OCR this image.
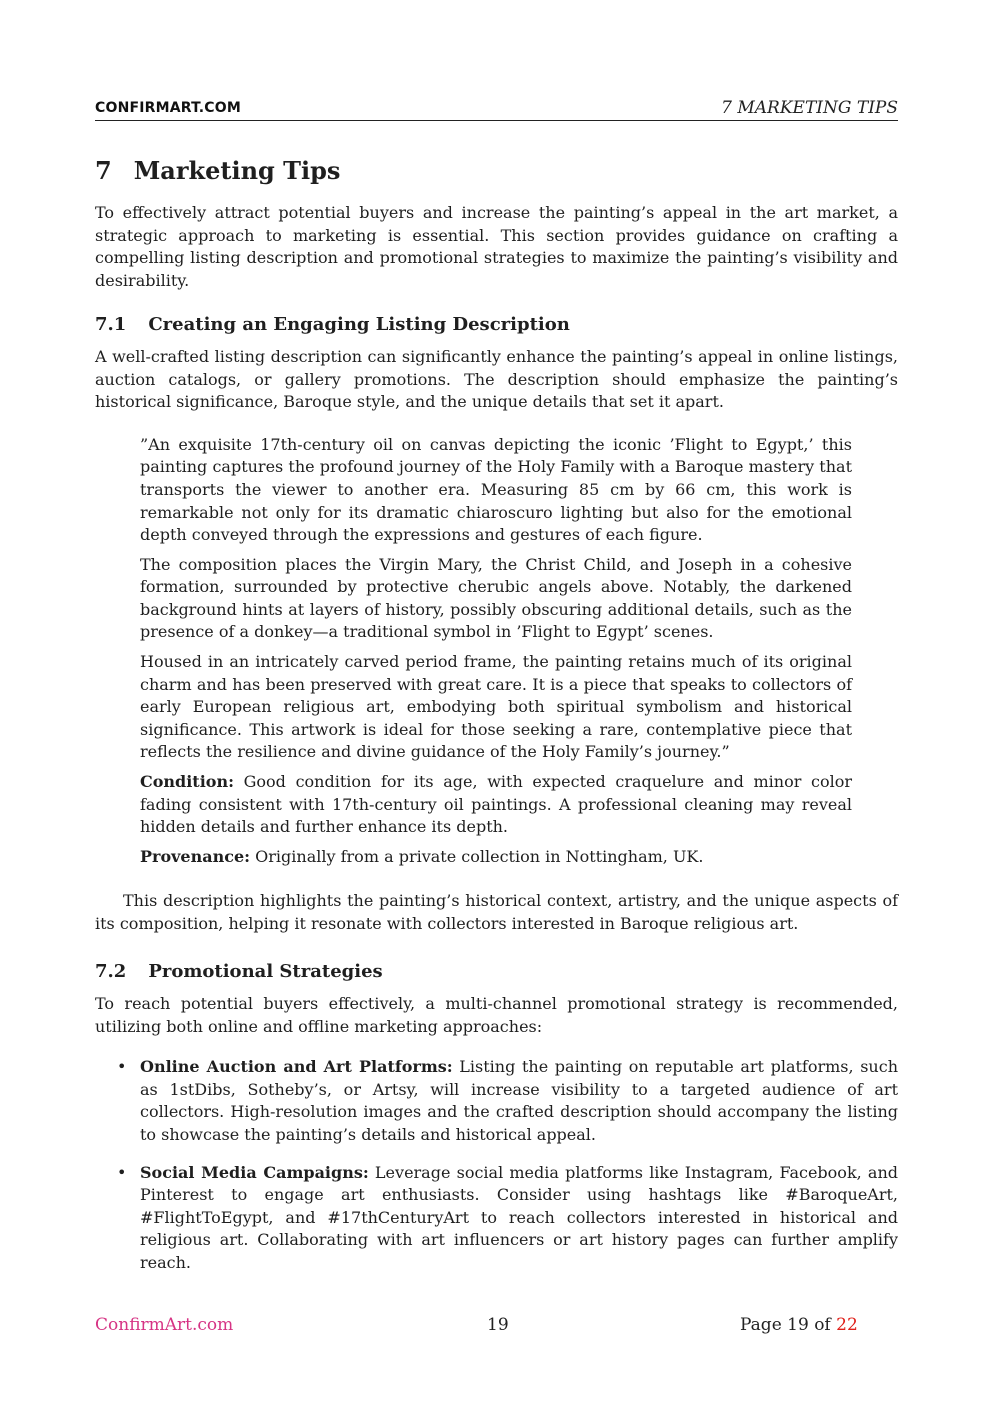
CONFIRMART.COM	7 MARKETING TIPS
7 Marketing Tips

To effectively attract potential buyers and increase the painting’s appeal in the art market, a strategic approach to marketing is essential. This section provides guidance on crafting a compelling listing description and promotional strategies to maximize the painting’s visibility and desirability.

7.1 Creating an Engaging Listing Description

A well-crafted listing description can significantly enhance the painting’s appeal in online listings, auction catalogs, or gallery promotions. The description should emphasize the painting’s historical significance, Baroque style, and the unique details that set it apart.

”An exquisite 17th-century oil on canvas depicting the iconic ’Flight to Egypt,’ this painting captures the profound journey of the Holy Family with a Baroque mastery that transports the viewer to another era. Measuring 85 cm by 66 cm, this work is remarkable not only for its dramatic chiaroscuro lighting but also for the emotional depth conveyed through the expressions and gestures of each figure.

The composition places the Virgin Mary, the Christ Child, and Joseph in a cohesive formation, surrounded by protective cherubic angels above. Notably, the darkened background hints at layers of history, possibly obscuring additional details, such as the presence of a donkey—a traditional symbol in ’Flight to Egypt’ scenes.

Housed in an intricately carved period frame, the painting retains much of its original charm and has been preserved with great care. It is a piece that speaks to collectors of early European religious art, embodying both spiritual symbolism and historical significance. This artwork is ideal for those seeking a rare, contemplative piece that reflects the resilience and divine guidance of the Holy Family’s journey.”

Condition: Good condition for its age, with expected craquelure and minor color fading consistent with 17th-century oil paintings. A professional cleaning may reveal hidden details and further enhance its depth.

Provenance: Originally from a private collection in Nottingham, UK.

This description highlights the painting’s historical context, artistry, and the unique aspects of its composition, helping it resonate with collectors interested in Baroque religious art.

7.2 Promotional Strategies

To reach potential buyers effectively, a multi-channel promotional strategy is recommended, utilizing both online and offline marketing approaches:

• Online Auction and Art Platforms: Listing the painting on reputable art platforms, such as 1stDibs, Sotheby’s, or Artsy, will increase visibility to a targeted audience of art collectors. High-resolution images and the crafted description should accompany the listing to showcase the painting’s details and historical appeal.
• Social Media Campaigns: Leverage social media platforms like Instagram, Facebook, and Pinterest to engage art enthusiasts. Consider using hashtags like #BaroqueArt, #FlightToEgypt, and #17thCenturyArt to reach collectors interested in historical and religious art. Collaborating with art influencers or art history pages can further amplify reach.
ConfirmArt.com	19	Page 19 of 22
